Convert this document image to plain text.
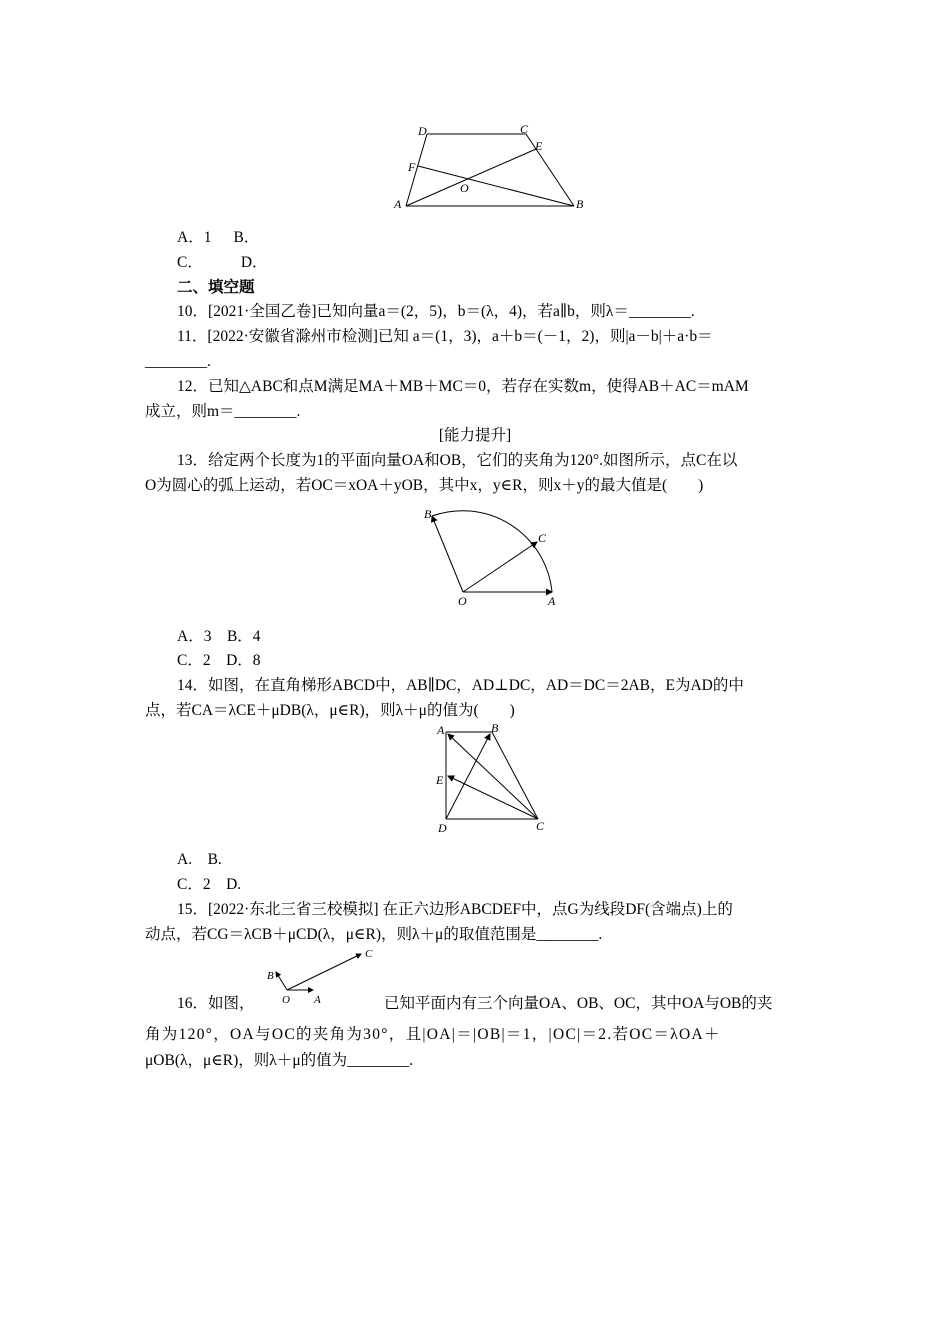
D	C
E
F
O
A	B
A．1 B．
C． D．
二、填空题
10．[2021·全国乙卷]已知向量a＝(2，5)，b＝(λ，4)，若a∥b，则λ＝________.
11．[2022·安徽省滁州市检测]已知 a＝(1，3)，a＋b＝(－1，2)，则|a－b|＋a·b＝
________.
12．已知△ABC和点M满足MA＋MB＋MC＝0，若存在实数m，使得AB＋AC＝mAM
成立，则m＝________.
[能力提升]
13．给定两个长度为1的平面向量OA和OB，它们的夹角为120°.如图所示，点C在以
O为圆心的弧上运动，若OC＝xOA＋yOB，其中x，y∈R，则x＋y的最大值是(　　)
B
C
O	A
A．3　B．4
C．2　D．8
14．如图，在直角梯形ABCD中，AB∥DC，AD⊥DC，AD＝DC＝2AB，E为AD的中
点，若CA＝λCE＋μDB(λ，μ∈R)，则λ＋μ的值为(　　)
A	B
E
D	C
A.　B.
C．2　D.
15．[2022·东北三省三校模拟] 在正六边形ABCDEF中，点G为线段DF(含端点)上的
动点，若CG＝λCB＋μCD(λ，μ∈R)，则λ＋μ的取值范围是________.
16．如图，
B
C
O A	已知平面内有三个向量OA、OB、OC，其中OA与OB的夹
角为120°，OA与OC的夹角为30°，且|OA|＝|OB|＝1，|OC|＝2.若OC＝λOA＋
μOB(λ，μ∈R)，则λ＋μ的值为________.
